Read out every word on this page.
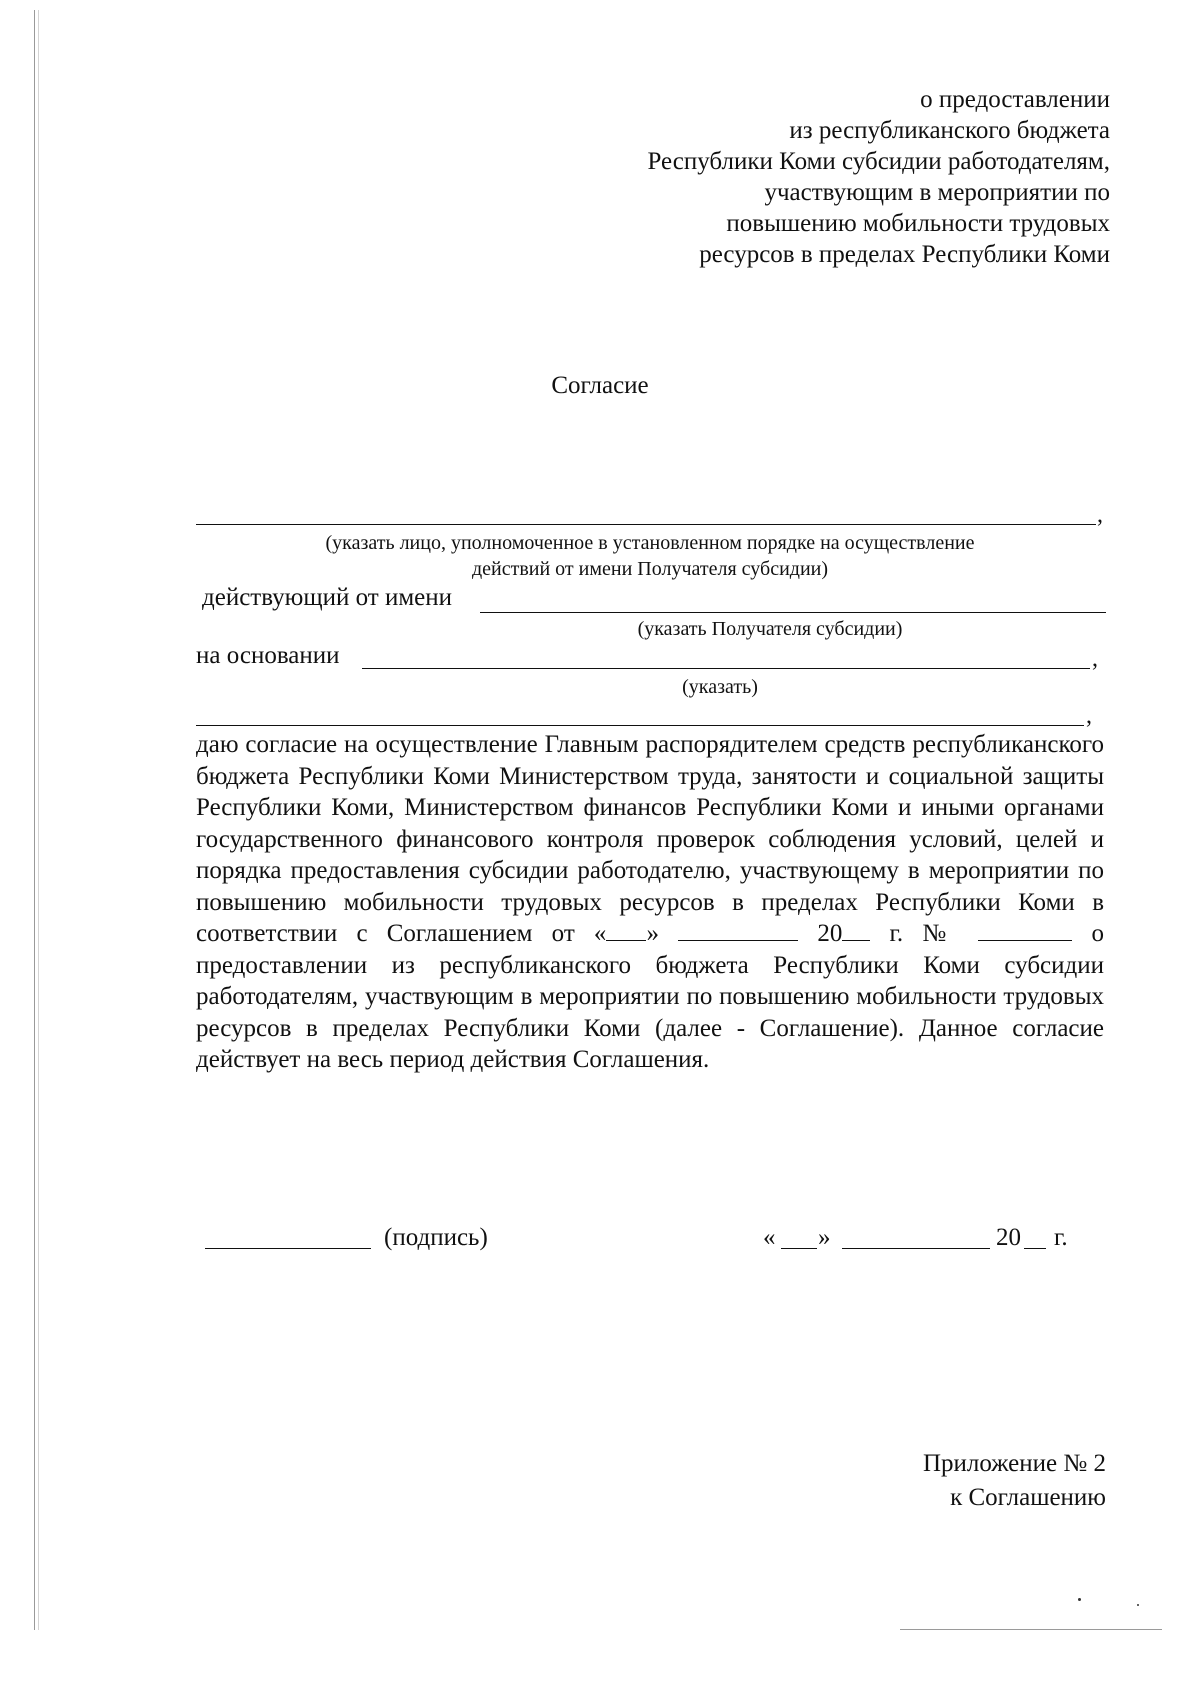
о предоставлении
из республиканского бюджета
Республики Коми субсидии работодателям,
участвующим в мероприятии по
повышению мобильности трудовых
ресурсов в пределах Республики Коми
Согласие
,
(указать лицо, уполномоченное в установленном порядке на осуществление
действий от имени Получателя субсидии)
действующий от имени
(указать Получателя субсидии)
на основании	,
(указать)
,
даю согласие на осуществление Главным распорядителем средств республиканского бюджета Республики Коми Министерством труда, занятости и социальной защиты Республики Коми, Министерством финансов Республики Коми и иными органами государственного финансового контроля проверок соблюдения условий, целей и порядка предоставления субсидии работодателю, участвующему в мероприятии по повышению мобильности трудовых ресурсов в пределах Республики Коми в соответствии с Соглашением от « »	20 г. №	о предоставлении из республиканского бюджета Республики Коми субсидии работодателям, участвующим в мероприятии по повышению мобильности трудовых ресурсов в пределах Республики Коми (далее - Соглашение). Данное согласие действует на весь период действия Соглашения.
(подпись)	« »	20 г.
Приложение № 2
к Соглашению
